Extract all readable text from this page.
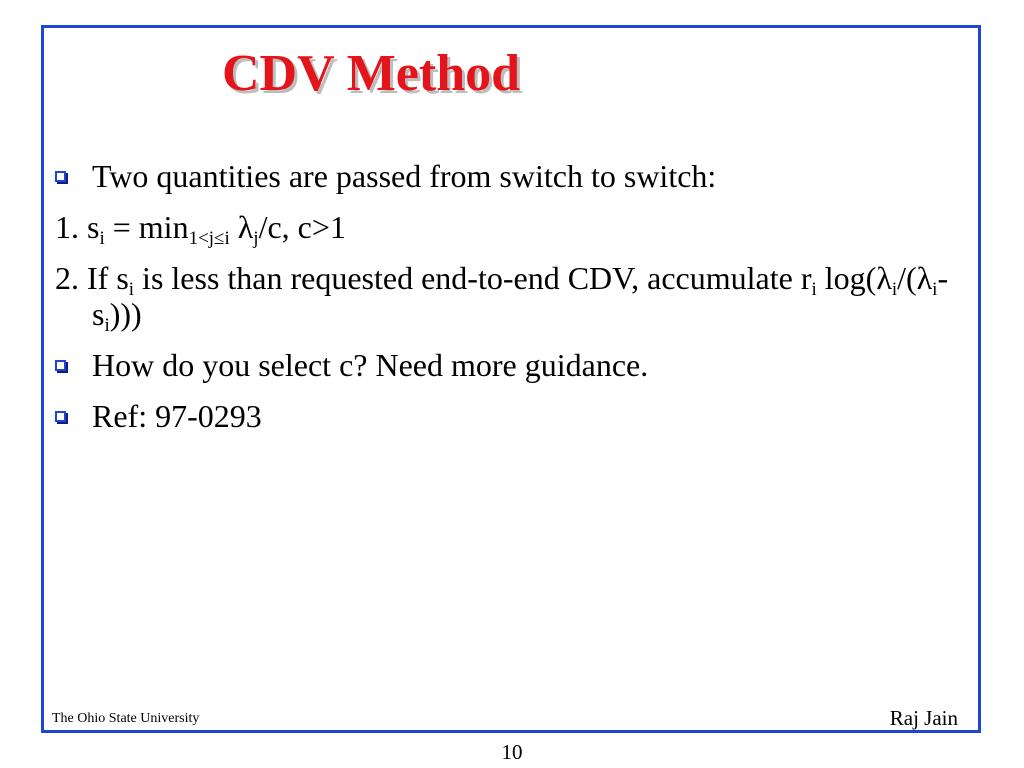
CDV Method
Two quantities are passed from switch to switch:
1. $s_i = \min_{1<j\le i} \lambda_j/c$, c>1
2. If $s_i$ is less than requested end-to-end CDV, accumulate $r_i$ $\log(\lambda_i/(\lambda_i-s_i))$)
How do you select c? Need more guidance.
Ref: 97-0293
The Ohio State University	Raj Jain
10
